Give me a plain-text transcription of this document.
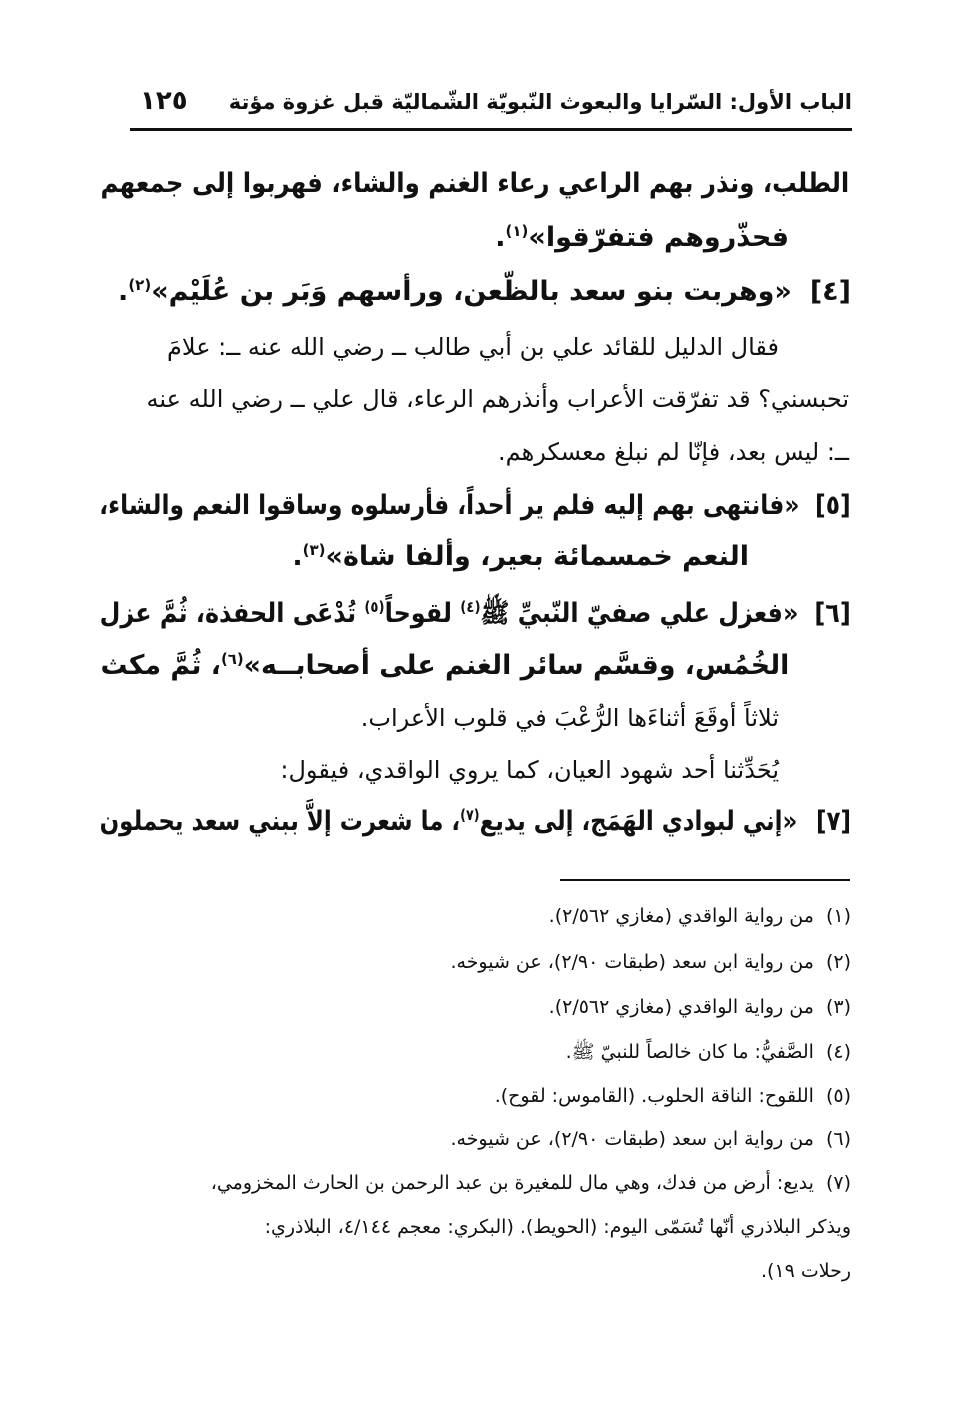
الباب الأول: السّرايا والبعوث النّبويّة الشّماليّة قبل غزوة مؤتة
١٢٥
الطلب، ونذر بهم الراعي رعاء الغنم والشاء، فهربوا إلى جمعهم
فحذّروهم فتفرّقوا»$^{(١)}$.
[٤]«وهربت بنو سعد بالظّعن، ورأسهم وَبَر بن عُلَيْم»$^{(٢)}$.
فقال الدليل للقائد علي بن أبي طالب ــ رضي الله عنه ــ: علامَ
تحبسني؟ قد تفرّقت الأعراب وأنذرهم الرعاء، قال علي ــ رضي الله عنه
ــ: ليس بعد، فإنّا لم نبلغ معسكرهم.
[٥]«فانتهى بهم إليه فلم ير أحداً، فأرسلوه وساقوا النعم والشاء،
النعم خمسمائة بعير، وألفا شاة»$^{(٣)}$.
[٦]«فعزل علي صفيّ النّبيِّ ﷺ$^{(٤)}$ لقوحاً$^{(٥)}$ تُدْعَى الحفذة، ثُمَّ عزل
الخُمُس، وقسَّم سائر الغنم على أصحابــه»$^{(٦)}$، ثُمَّ مكث
ثلاثاً أوقَعَ أثناءَها الرُّعْبَ في قلوب الأعراب.
يُحَدِّثنا أحد شهود العيان، كما يروي الواقدي، فيقول:
[٧]«إني لبوادي الهَمَج، إلى يديع$^{(٧)}$، ما شعرت إلاَّ ببني سعد يحملون
(١)من رواية الواقدي (مغازي ٢/٥٦٢).
(٢)من رواية ابن سعد (طبقات ٢/٩٠)، عن شيوخه.
(٣)من رواية الواقدي (مغازي ٢/٥٦٢).
(٤)الصَّفيُّ: ما كان خالصاً للنبيّ ﷺ.
(٥)اللقوح: الناقة الحلوب. (القاموس: لقوح).
(٦)من رواية ابن سعد (طبقات ٢/٩٠)، عن شيوخه.
(٧)يديع: أرض من فدك، وهي مال للمغيرة بن عبد الرحمن بن الحارث المخزومي،
ويذكر البلاذري أنّها تُسَمّى اليوم: (الحويط). (البكري: معجم ٤/١٤٤، البلاذري:
رحلات ١٩).
